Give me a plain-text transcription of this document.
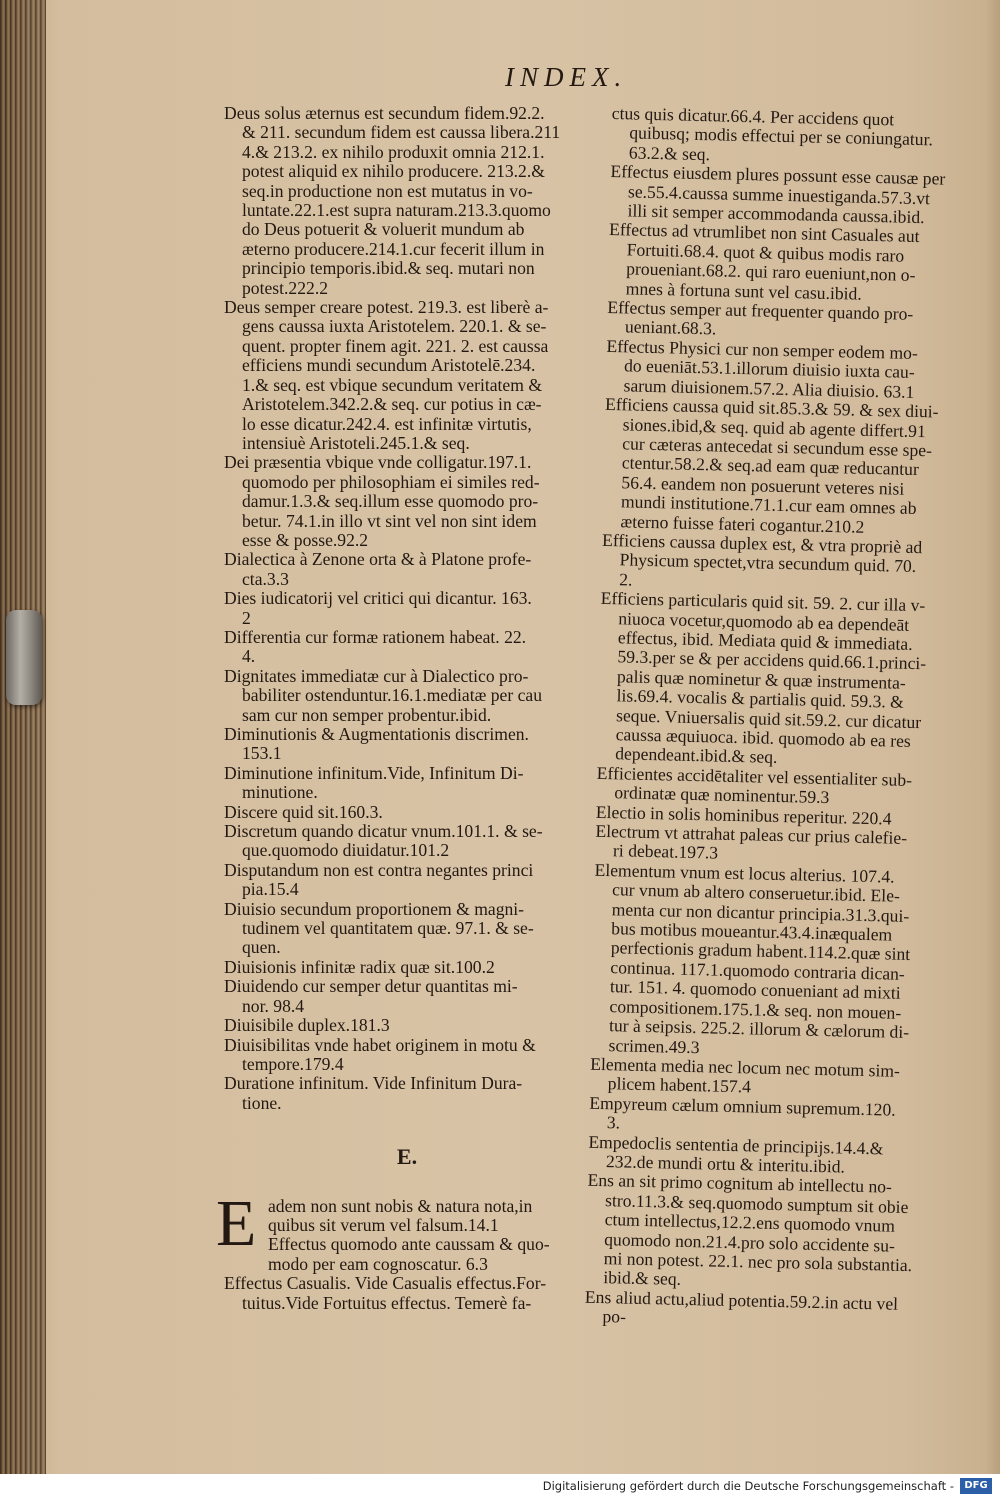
INDEX.

Deus solus æternus est secundum fidem.92.2.
& 211. secundum fidem est caussa libera.211
4.& 213.2. ex nihilo produxit omnia 212.1.
potest aliquid ex nihilo producere. 213.2.&
seq.in productione non est mutatus in vo-
luntate.22.1.est supra naturam.213.3.quomo
do Deus potuerit & voluerit mundum ab
æterno producere.214.1.cur fecerit illum in
principio temporis.ibid.& seq. mutari non
potest.222.2

Deus semper creare potest. 219.3. est liberè a-
gens caussa iuxta Aristotelem. 220.1. & se-
quent. propter finem agit. 221. 2. est caussa
efficiens mundi secundum Aristotelē.234.
1.& seq. est vbique secundum veritatem &
Aristotelem.342.2.& seq. cur potius in cæ-
lo esse dicatur.242.4. est infinitæ virtutis,
intensiuè Aristoteli.245.1.& seq.

Dei præsentia vbique vnde colligatur.197.1.
quomodo per philosophiam ei similes red-
damur.1.3.& seq.illum esse quomodo pro-
betur. 74.1.in illo vt sint vel non sint idem
esse & posse.92.2

Dialectica à Zenone orta & à Platone profe-
cta.3.3

Dies iudicatorij vel critici qui dicantur. 163.
2

Differentia cur formæ rationem habeat. 22.
4.

Dignitates immediatæ cur à Dialectico pro-
babiliter ostenduntur.16.1.mediatæ per cau
sam cur non semper probentur.ibid.

Diminutionis & Augmentationis discrimen.
153.1

Diminutione infinitum.Vide, Infinitum Di-
minutione.

Discere quid sit.160.3.

Discretum quando dicatur vnum.101.1. & se-
que.quomodo diuidatur.101.2

Disputandum non est contra negantes princi
pia.15.4

Diuisio secundum proportionem & magni-
tudinem vel quantitatem quæ. 97.1. & se-
quen.

Diuisionis infinitæ radix quæ sit.100.2

Diuidendo cur semper detur quantitas mi-
nor. 98.4

Diuisibile duplex.181.3

Diuisibilitas vnde habet originem in motu &
tempore.179.4

Duratione infinitum. Vide Infinitum Dura-
tione.

E.

E adem non sunt nobis & natura nota,in
quibus sit verum vel falsum.14.1
Effectus quomodo ante caussam & quo-
modo per eam cognoscatur. 6.3

Effectus Casualis. Vide Casualis effectus.For-
tuitus.Vide Fortuitus effectus. Temerè fa-

ctus quis dicatur.66.4. Per accidens quot
quibusq; modis effectui per se coniungatur.
63.2.& seq.

Effectus eiusdem plures possunt esse causæ per
se.55.4.caussa summe inuestiganda.57.3.vt
illi sit semper accommodanda caussa.ibid.

Effectus ad vtrumlibet non sint Casuales aut
Fortuiti.68.4. quot & quibus modis raro
proueniant.68.2. qui raro eueniunt,non o-
mnes à fortuna sunt vel casu.ibid.

Effectus semper aut frequenter quando pro-
ueniant.68.3.

Effectus Physici cur non semper eodem mo-
do eueniāt.53.1.illorum diuisio iuxta cau-
sarum diuisionem.57.2. Alia diuisio. 63.1

Efficiens caussa quid sit.85.3.& 59. & sex diui-
siones.ibid,& seq. quid ab agente differt.91
cur cæteras antecedat si secundum esse spe-
ctentur.58.2.& seq.ad eam quæ reducantur
56.4. eandem non posuerunt veteres nisi
mundi institutione.71.1.cur eam omnes ab
æterno fuisse fateri cogantur.210.2

Efficiens caussa duplex est, & vtra propriè ad
Physicum spectet,vtra secundum quid. 70.
2.

Efficiens particularis quid sit. 59. 2. cur illa v-
niuoca vocetur,quomodo ab ea dependeāt
effectus, ibid. Mediata quid & immediata.
59.3.per se & per accidens quid.66.1.princi-
palis quæ nominetur & quæ instrumenta-
lis.69.4. vocalis & partialis quid. 59.3. &
seque. Vniuersalis quid sit.59.2. cur dicatur
caussa æquiuoca. ibid. quomodo ab ea res
dependeant.ibid.& seq.

Efficientes accidētaliter vel essentialiter sub-
ordinatæ quæ nominentur.59.3

Electio in solis hominibus reperitur. 220.4

Electrum vt attrahat paleas cur prius calefie-
ri debeat.197.3

Elementum vnum est locus alterius. 107.4.
cur vnum ab altero conseruetur.ibid. Ele-
menta cur non dicantur principia.31.3.qui-
bus motibus moueantur.43.4.inæqualem
perfectionis gradum habent.114.2.quæ sint
continua. 117.1.quomodo contraria dican-
tur. 151. 4. quomodo conueniant ad mixti
compositionem.175.1.& seq. non mouen-
tur à seipsis. 225.2. illorum & cælorum di-
scrimen.49.3

Elementa media nec locum nec motum sim-
plicem habent.157.4

Empyreum cælum omnium supremum.120.
3.

Empedoclis sententia de principijs.14.4.&
232.de mundi ortu & interitu.ibid.

Ens an sit primo cognitum ab intellectu no-
stro.11.3.& seq.quomodo sumptum sit obie
ctum intellectus,12.2.ens quomodo vnum
quomodo non.21.4.pro solo accidente su-
mi non potest. 22.1. nec pro sola substantia.
ibid.& seq.

Ens aliud actu,aliud potentia.59.2.in actu vel
po-

Digitalisierung gefördert durch die Deutsche Forschungsgemeinschaft -	DFG
